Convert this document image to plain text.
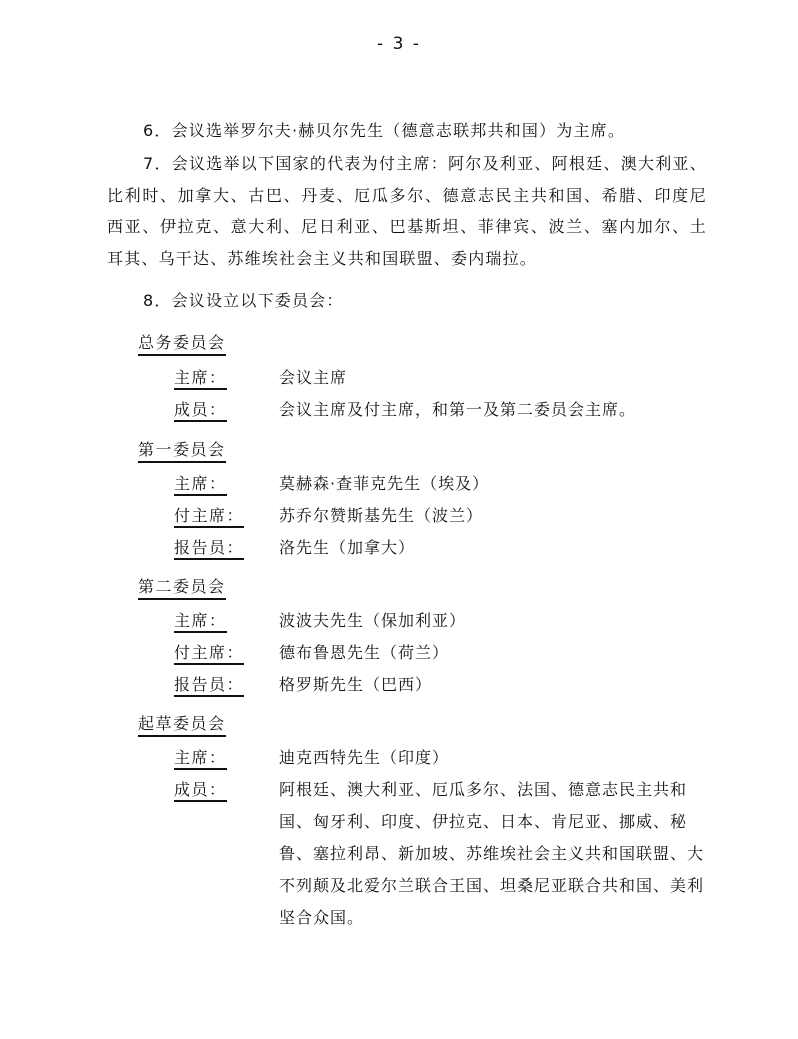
- 3 -

6．会议选举罗尔夫·赫贝尔先生（德意志联邦共和国）为主席。

7．会议选举以下国家的代表为付主席：阿尔及利亚、阿根廷、澳大利亚、比利时、加拿大、古巴、丹麦、厄瓜多尔、德意志民主共和国、希腊、印度尼西亚、伊拉克、意大利、尼日利亚、巴基斯坦、菲律宾、波兰、塞内加尔、土耳其、乌干达、苏维埃社会主义共和国联盟、委内瑞拉。

8．会议设立以下委员会：

总务委员会
主席：	会议主席
成员：	会议主席及付主席，和第一及第二委员会主席。
第一委员会
主席：	莫赫森·查菲克先生（埃及）
付主席： 苏乔尔赞斯基先生（波兰）
报告员： 洛先生（加拿大）
第二委员会
主席：	波波夫先生（保加利亚）
付主席： 德布鲁恩先生（荷兰）
报告员： 格罗斯先生（巴西）
起草委员会
主席：	迪克西特先生（印度）
成员：	阿根廷、澳大利亚、厄瓜多尔、法国、德意志民主共和国、匈牙利、印度、伊拉克、日本、肯尼亚、挪威、秘鲁、塞拉利昂、新加坡、苏维埃社会主义共和国联盟、大不列颠及北爱尔兰联合王国、坦桑尼亚联合共和国、美利坚合众国。
